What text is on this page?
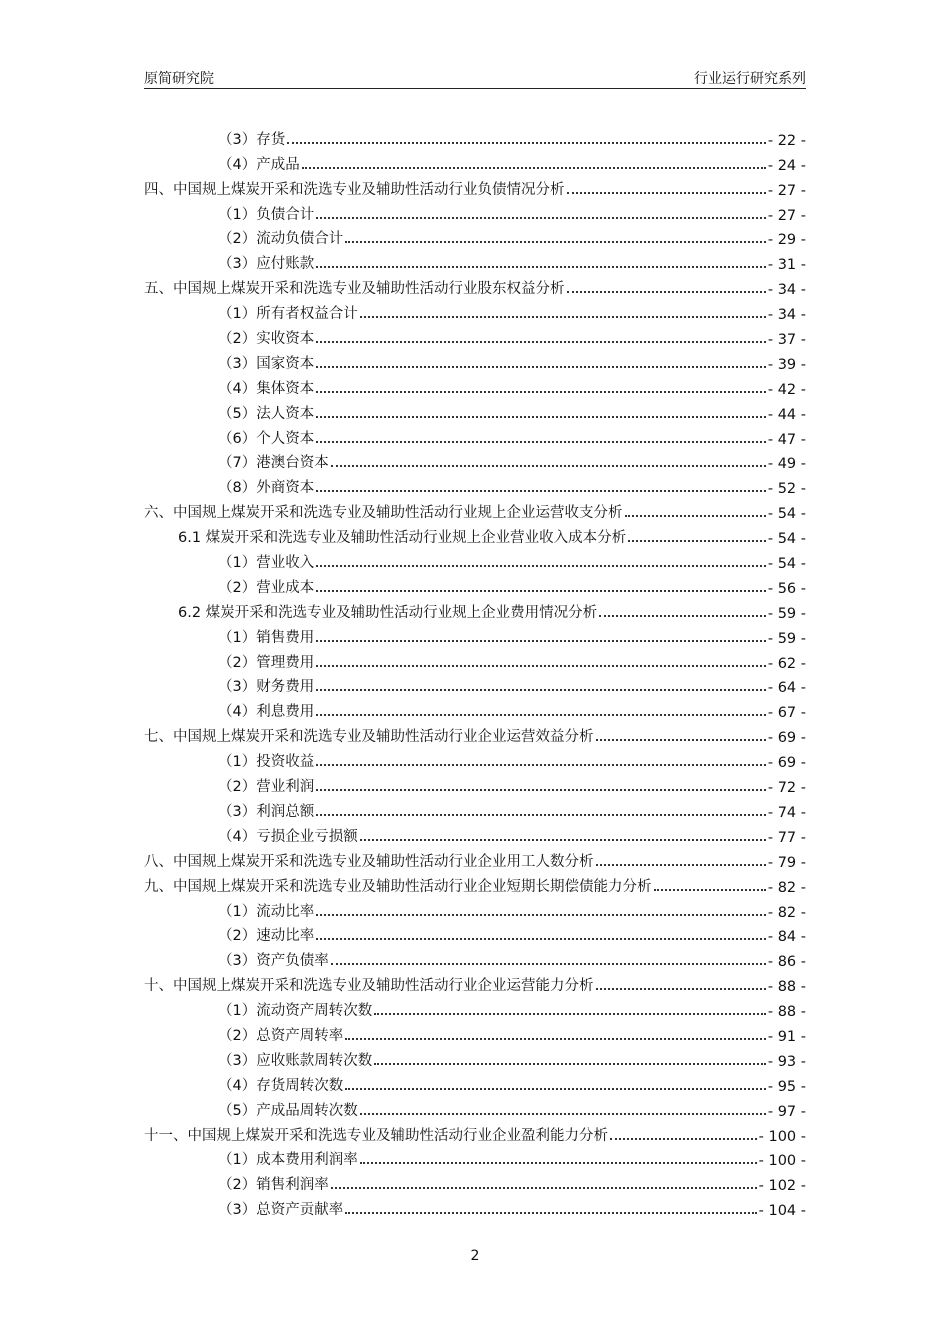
原简研究院	行业运行研究系列
（3）存货	- 22 -
（4）产成品	- 24 -
四、中国规上煤炭开采和洗选专业及辅助性活动行业负债情况分析	- 27 -
（1）负债合计	- 27 -
（2）流动负债合计	- 29 -
（3）应付账款	- 31 -
五、中国规上煤炭开采和洗选专业及辅助性活动行业股东权益分析	- 34 -
（1）所有者权益合计	- 34 -
（2）实收资本	- 37 -
（3）国家资本	- 39 -
（4）集体资本	- 42 -
（5）法人资本	- 44 -
（6）个人资本	- 47 -
（7）港澳台资本	- 49 -
（8）外商资本	- 52 -
六、中国规上煤炭开采和洗选专业及辅助性活动行业规上企业运营收支分析	- 54 -
6.1 煤炭开采和洗选专业及辅助性活动行业规上企业营业收入成本分析	- 54 -
（1）营业收入	- 54 -
（2）营业成本	- 56 -
6.2 煤炭开采和洗选专业及辅助性活动行业规上企业费用情况分析	- 59 -
（1）销售费用	- 59 -
（2）管理费用	- 62 -
（3）财务费用	- 64 -
（4）利息费用	- 67 -
七、中国规上煤炭开采和洗选专业及辅助性活动行业企业运营效益分析	- 69 -
（1）投资收益	- 69 -
（2）营业利润	- 72 -
（3）利润总额	- 74 -
（4）亏损企业亏损额	- 77 -
八、中国规上煤炭开采和洗选专业及辅助性活动行业企业用工人数分析	- 79 -
九、中国规上煤炭开采和洗选专业及辅助性活动行业企业短期长期偿债能力分析	- 82 -
（1）流动比率	- 82 -
（2）速动比率	- 84 -
（3）资产负债率	- 86 -
十、中国规上煤炭开采和洗选专业及辅助性活动行业企业运营能力分析	- 88 -
（1）流动资产周转次数	- 88 -
（2）总资产周转率	- 91 -
（3）应收账款周转次数	- 93 -
（4）存货周转次数	- 95 -
（5）产成品周转次数	- 97 -
十一、中国规上煤炭开采和洗选专业及辅助性活动行业企业盈利能力分析	- 100 -
（1）成本费用利润率	- 100 -
（2）销售利润率	- 102 -
（3）总资产贡献率	- 104 -
2
